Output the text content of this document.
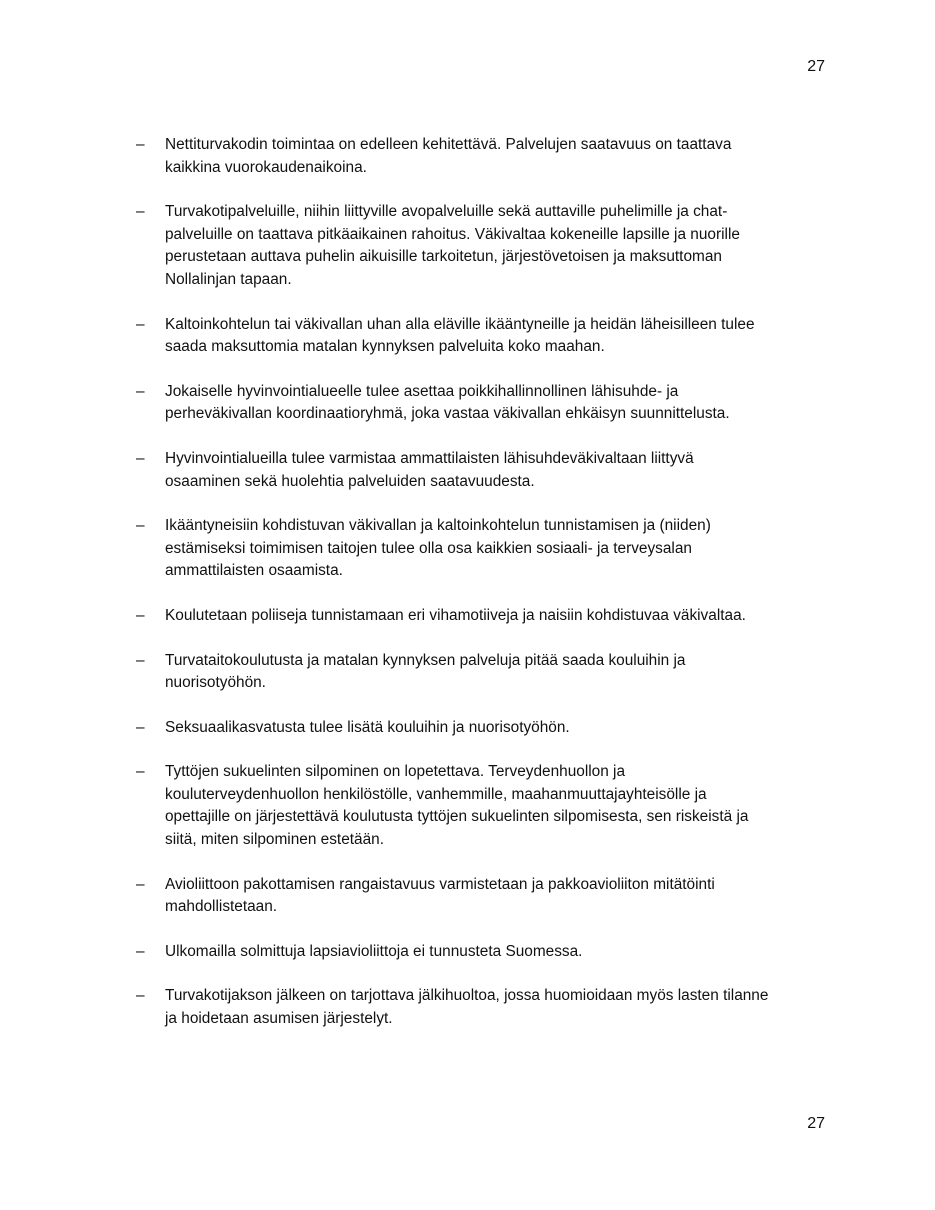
27
– Nettiturvakodin toimintaa on edelleen kehitettävä. Palvelujen saatavuus on taattava
kaikkina vuorokaudenaikoina.
– Turvakotipalveluille, niihin liittyville avopalveluille sekä auttaville puhelimille ja chat-
palveluille on taattava pitkäaikainen rahoitus. Väkivaltaa kokeneille lapsille ja nuorille
perustetaan auttava puhelin aikuisille tarkoitetun, järjestövetoisen ja maksuttoman
Nollalinjan tapaan.
– Kaltoinkohtelun tai väkivallan uhan alla eläville ikääntyneille ja heidän läheisilleen tulee
saada maksuttomia matalan kynnyksen palveluita koko maahan.
– Jokaiselle hyvinvointialueelle tulee asettaa poikkihallinnollinen lähisuhde- ja
perheväkivallan koordinaatioryhmä, joka vastaa väkivallan ehkäisyn suunnittelusta.
– Hyvinvointialueilla tulee varmistaa ammattilaisten lähisuhdeväkivaltaan liittyvä
osaaminen sekä huolehtia palveluiden saatavuudesta.
– Ikääntyneisiin kohdistuvan väkivallan ja kaltoinkohtelun tunnistamisen ja (niiden)
estämiseksi toimimisen taitojen tulee olla osa kaikkien sosiaali- ja terveysalan
ammattilaisten osaamista.
– Koulutetaan poliiseja tunnistamaan eri vihamotiiveja ja naisiin kohdistuvaa väkivaltaa.
– Turvataitokoulutusta ja matalan kynnyksen palveluja pitää saada kouluihin ja
nuorisotyöhön.
– Seksuaalikasvatusta tulee lisätä kouluihin ja nuorisotyöhön.
– Tyttöjen sukuelinten silpominen on lopetettava. Terveydenhuollon ja
kouluterveydenhuollon henkilöstölle, vanhemmille, maahanmuuttajayhteisölle ja
opettajille on järjestettävä koulutusta tyttöjen sukuelinten silpomisesta, sen riskeistä ja
siitä, miten silpominen estetään.
– Avioliittoon pakottamisen rangaistavuus varmistetaan ja pakkoavioliiton mitätöinti
mahdollistetaan.
– Ulkomailla solmittuja lapsiavioliittoja ei tunnusteta Suomessa.
– Turvakotijakson jälkeen on tarjottava jälkihuoltoa, jossa huomioidaan myös lasten tilanne
ja hoidetaan asumisen järjestelyt.
27
